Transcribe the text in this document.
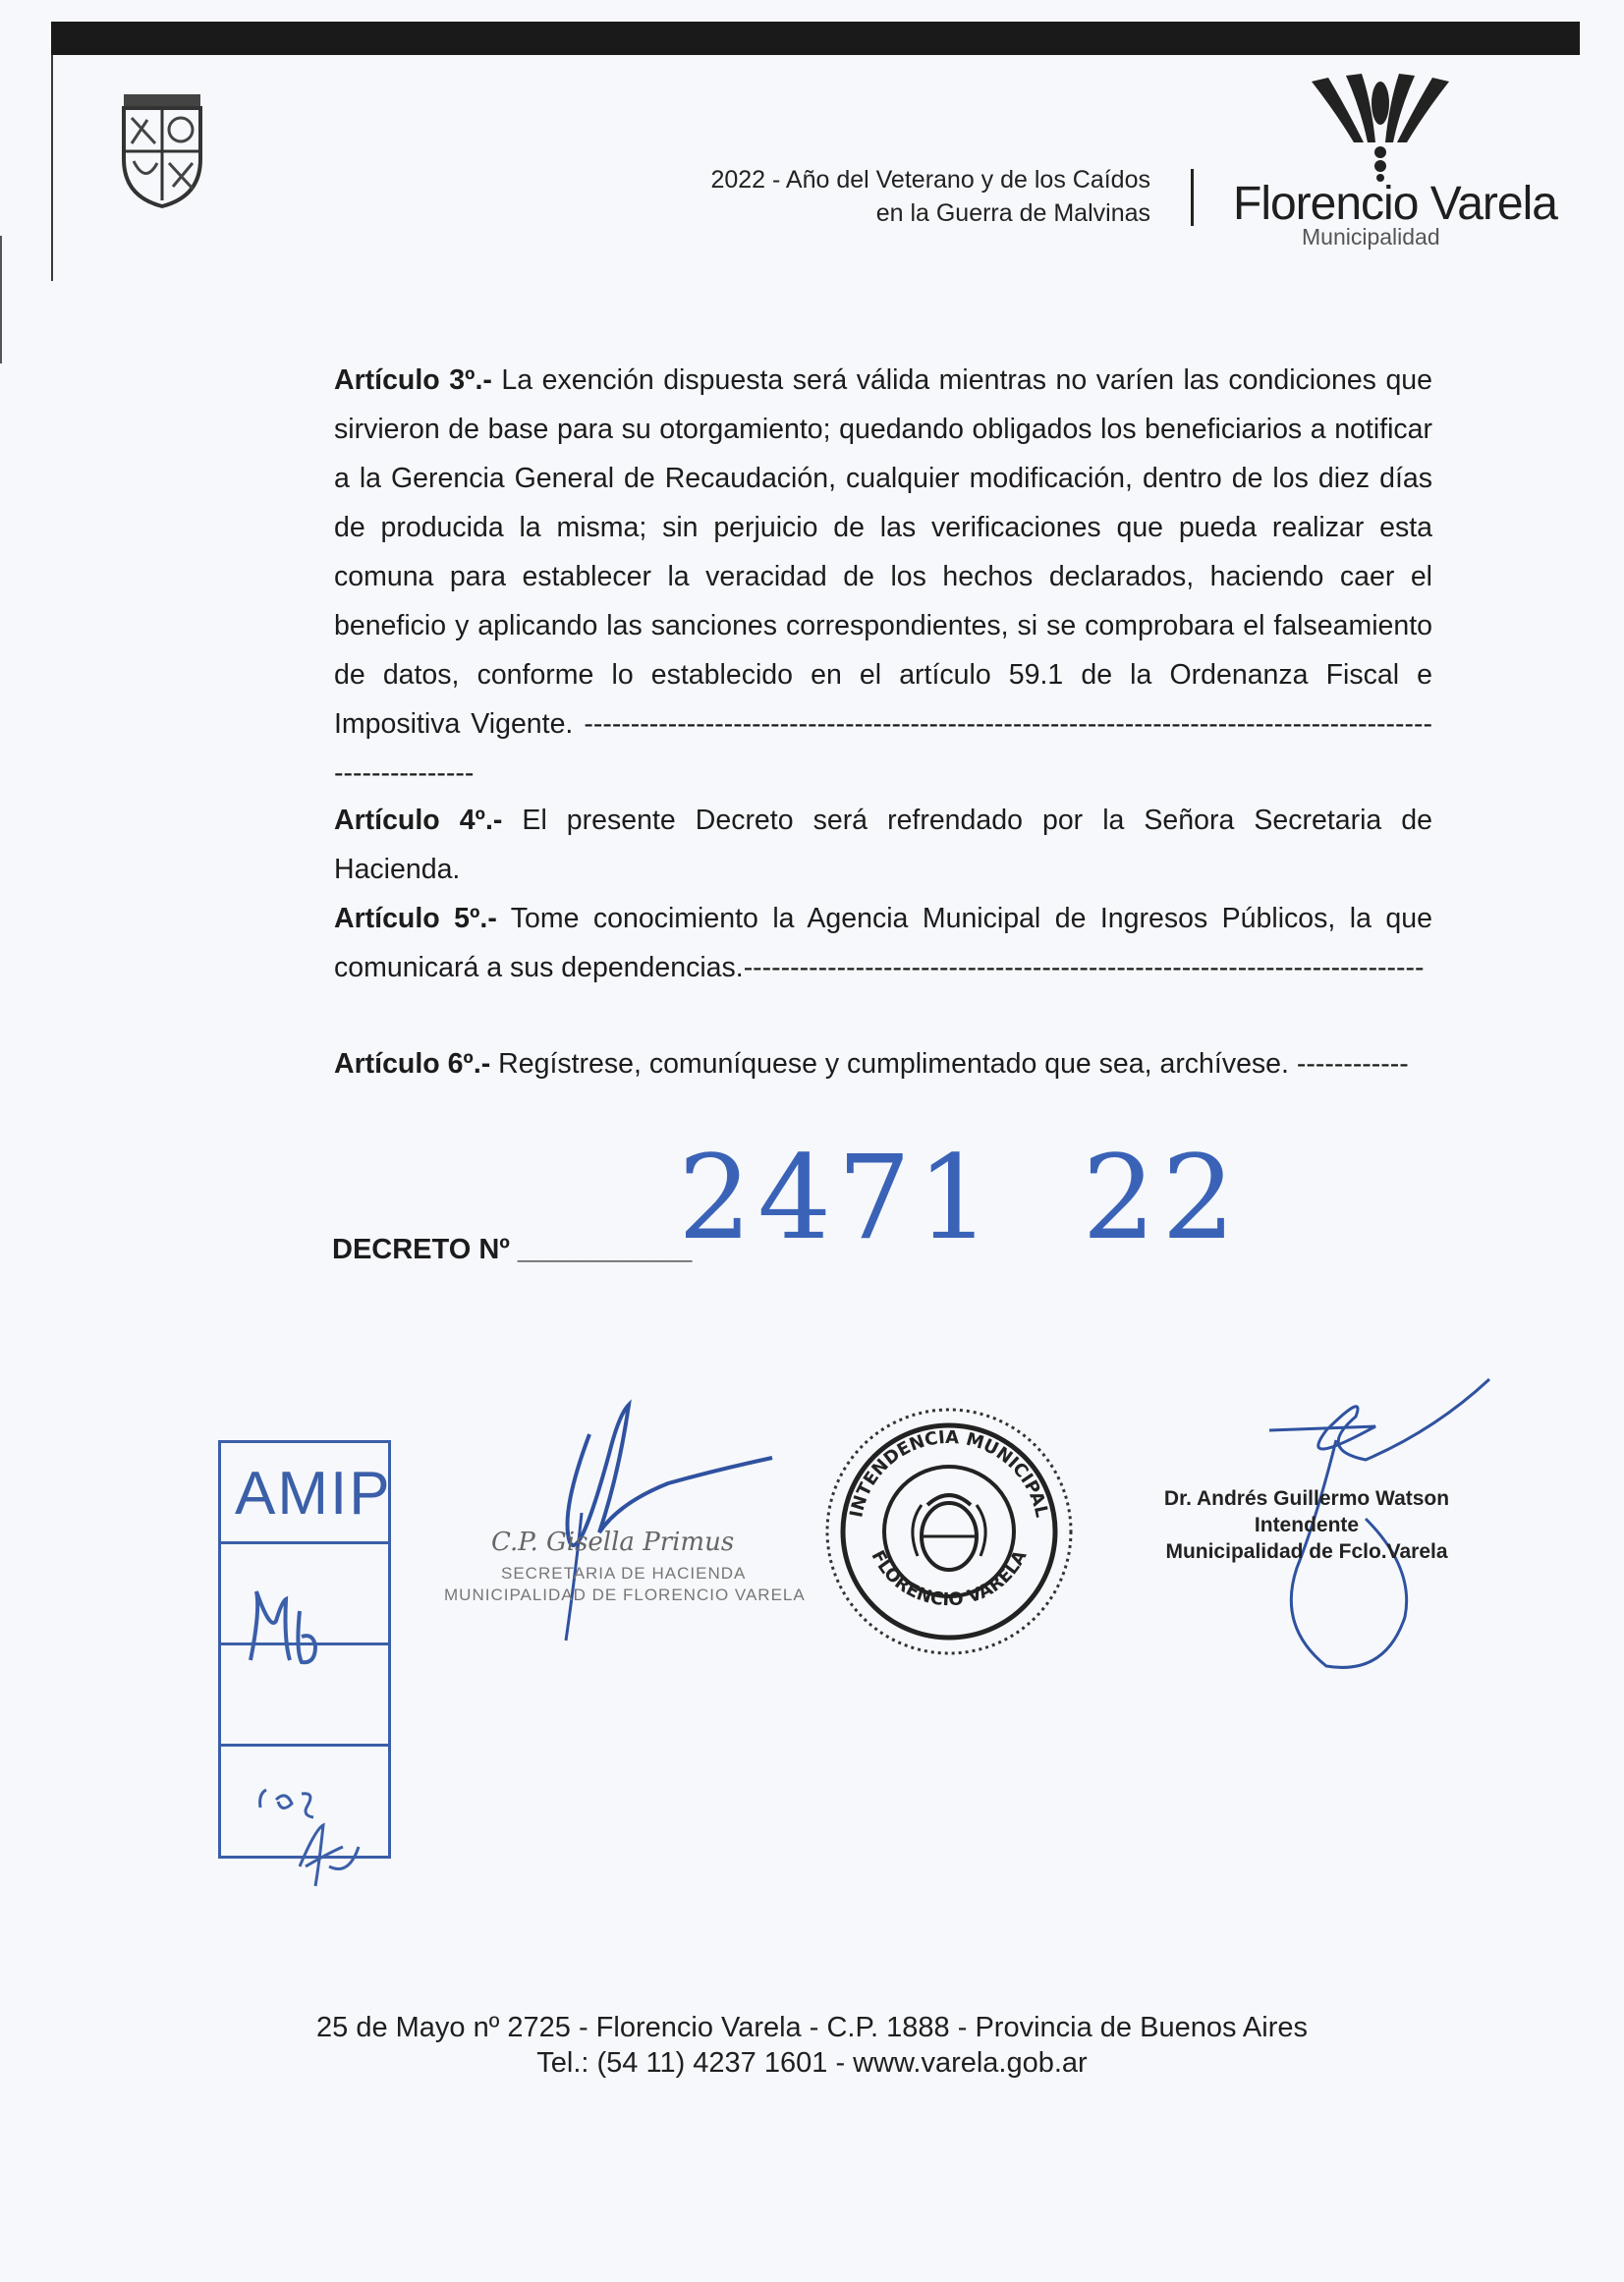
2022 - Año del Veterano y de los Caídos
en la Guerra de Malvinas Florencio Varela
Municipalidad
Artículo 3º.- La exención dispuesta será válida mientras no varíen las condiciones que sirvieron de base para su otorgamiento; quedando obligados los beneficiarios a notificar a la Gerencia General de Recaudación, cualquier modificación, dentro de los diez días de producida la misma; sin perjuicio de las verificaciones que pueda realizar esta comuna para establecer la veracidad de los hechos declarados, haciendo caer el beneficio y aplicando las sanciones correspondientes, si se comprobara el falseamiento de datos, conforme lo establecido en el artículo 59.1 de la Ordenanza Fiscal e Impositiva Vigente. ----------------------------------------------------------------------------------------------------------
Artículo 4º.- El presente Decreto será refrendado por la Señora Secretaria de Hacienda.
Artículo 5º.- Tome conocimiento la Agencia Municipal de Ingresos Públicos, la que comunicará a sus dependencias.-------------------------------------------------------------------------
Artículo 6º.- Regístrese, comuníquese y cumplimentado que sea, archívese. ------------
DECRETO Nº ___________
2471 22
AMIP
C.P. Gisella Primus
SECRETARIA DE HACIENDA
MUNICIPALIDAD DE FLORENCIO VARELA
INTENDENCIA MUNICIPAL
FLORENCIO VARELA
Dr. Andrés Guillermo Watson
Intendente
Municipalidad de Fclo.Varela
25 de Mayo nº 2725 - Florencio Varela - C.P. 1888 - Provincia de Buenos Aires
Tel.: (54 11) 4237 1601 - www.varela.gob.ar
